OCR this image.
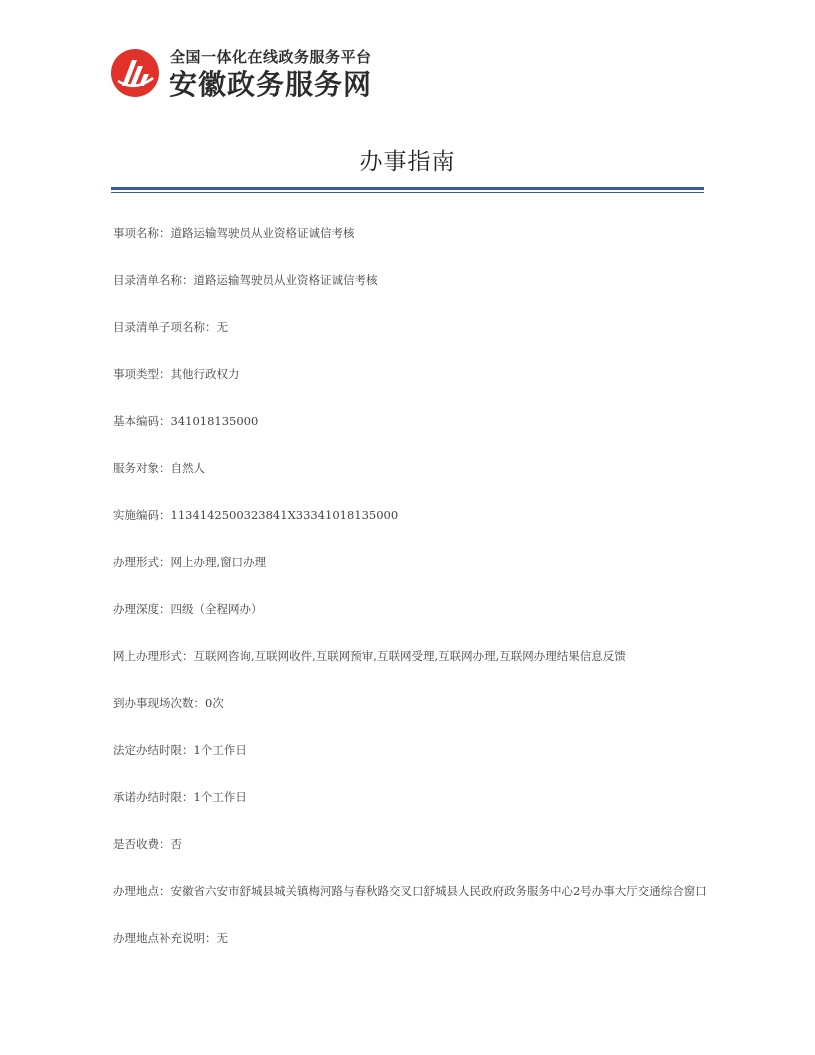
全国一体化在线政务服务平台
安徽政务服务网
办事指南
事项名称：道路运输驾驶员从业资格证诚信考核
目录清单名称：道路运输驾驶员从业资格证诚信考核
目录清单子项名称：无
事项类型：其他行政权力
基本编码：341018135000
服务对象：自然人
实施编码：1134142500323841X33341018135000
办理形式：网上办理,窗口办理
办理深度：四级（全程网办）
网上办理形式：互联网咨询,互联网收件,互联网预审,互联网受理,互联网办理,互联网办理结果信息反馈
到办事现场次数：0次
法定办结时限：1个工作日
承诺办结时限：1个工作日
是否收费：否
办理地点：安徽省六安市舒城县城关镇梅河路与春秋路交叉口舒城县人民政府政务服务中心2号办事大厅交通综合窗口
办理地点补充说明：无
